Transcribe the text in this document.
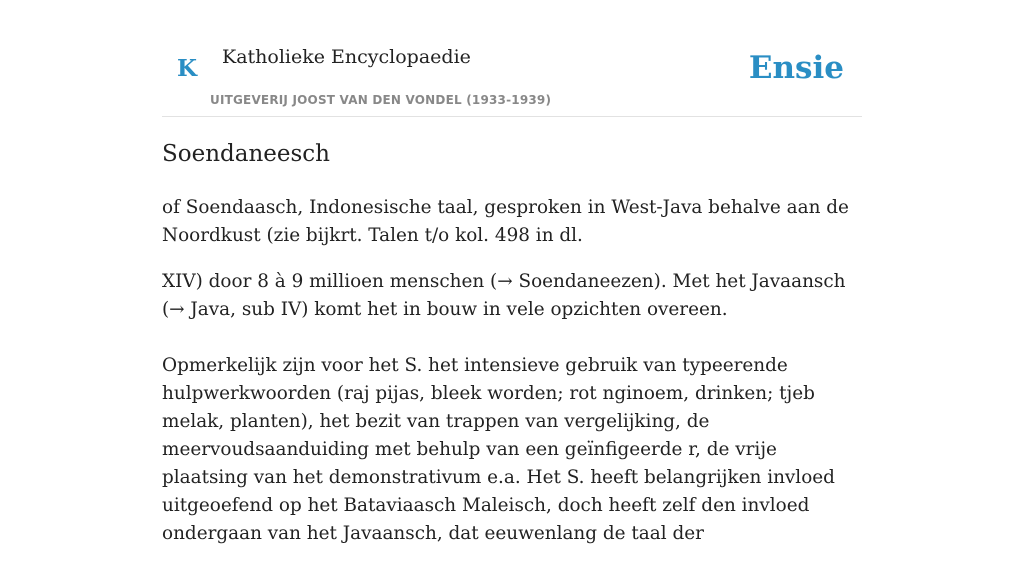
K Katholieke Encyclopaedie
UITGEVERIJ JOOST VAN DEN VONDEL (1933-1939)
Ensie
Soendaneesch

of Soendaasch, Indonesische taal, gesproken in West-Java behalve aan de Noordkust (zie bijkrt. Talen t/o kol. 498 in dl.

XIV) door 8 à 9 millioen menschen (→ Soendaneezen). Met het Javaansch (→ Java, sub IV) komt het in bouw in vele opzichten overeen.

Opmerkelijk zijn voor het S. het intensieve gebruik van typeerende hulpwerkwoorden (raj pijas, bleek worden; rot nginoem, drinken; tjeb melak, planten), het bezit van trappen van vergelijking, de meervoudsaanduiding met behulp van een geïnfigeerde r, de vrije plaatsing van het demonstrativum e.a. Het S. heeft belangrijken invloed uitgeoefend op het Bataviaasch Maleisch, doch heeft zelf den invloed ondergaan van het Javaansch, dat eeuwenlang de taal der
